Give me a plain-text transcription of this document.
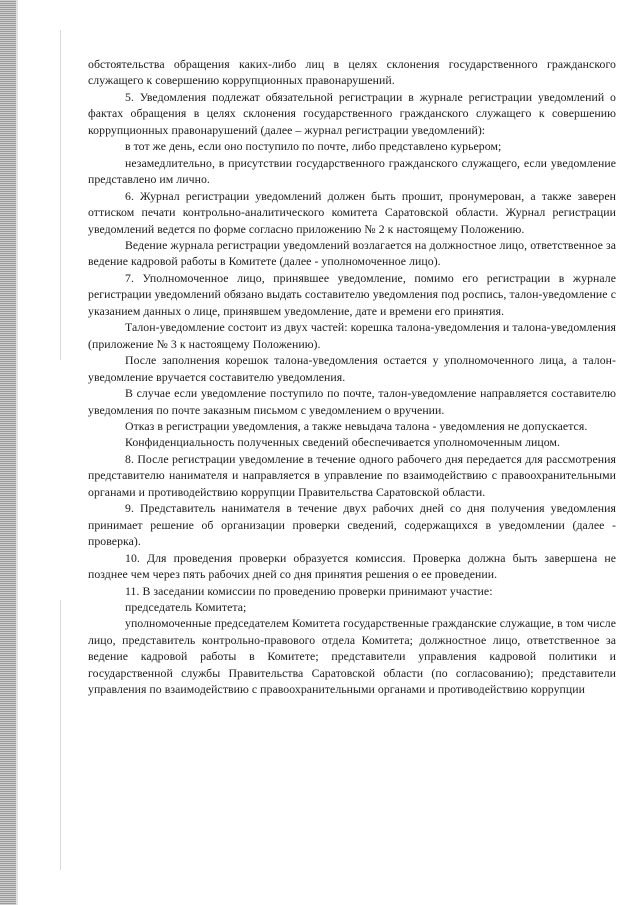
обстоятельства обращения каких-либо лиц в целях склонения государственного гражданского служащего к совершению коррупционных правонарушений.

5. Уведомления подлежат обязательной регистрации в журнале регистрации уведомлений о фактах обращения в целях склонения государственного гражданского служащего к совершению коррупционных правонарушений (далее – журнал регистрации уведомлений):

в тот же день, если оно поступило по почте, либо представлено курьером;

незамедлительно, в присутствии государственного гражданского служащего, если уведомление представлено им лично.

6. Журнал регистрации уведомлений должен быть прошит, пронумерован, а также заверен оттиском печати контрольно-аналитического комитета Саратовской области. Журнал регистрации уведомлений ведется по форме согласно приложению № 2 к настоящему Положению.

Ведение журнала регистрации уведомлений возлагается на должностное лицо, ответственное за ведение кадровой работы в Комитете (далее - уполномоченное лицо).

7. Уполномоченное лицо, принявшее уведомление, помимо его регистрации в журнале регистрации уведомлений обязано выдать составителю уведомления под роспись, талон-уведомление с указанием данных о лице, принявшем уведомление, дате и времени его принятия.

Талон-уведомление состоит из двух частей: корешка талона-уведомления и талона-уведомления (приложение № 3 к настоящему Положению).

После заполнения корешок талона-уведомления остается у уполномоченного лица, а талон-уведомление вручается составителю уведомления.

В случае если уведомление поступило по почте, талон-уведомление направляется составителю уведомления по почте заказным письмом с уведомлением о вручении.

Отказ в регистрации уведомления, а также невыдача талона - уведомления не допускается.

Конфиденциальность полученных сведений обеспечивается уполномоченным лицом.

8. После регистрации уведомление в течение одного рабочего дня передается для рассмотрения представителю нанимателя и направляется в управление по взаимодействию с правоохранительными органами и противодействию коррупции Правительства Саратовской области.

9. Представитель нанимателя в течение двух рабочих дней со дня получения уведомления принимает решение об организации проверки сведений, содержащихся в уведомлении (далее - проверка).

10. Для проведения проверки образуется комиссия. Проверка должна быть завершена не позднее чем через пять рабочих дней со дня принятия решения о ее проведении.

11. В заседании комиссии по проведению проверки принимают участие:

председатель Комитета;

уполномоченные председателем Комитета государственные гражданские служащие, в том числе лицо, представитель контрольно-правового отдела Комитета; должностное лицо, ответственное за ведение кадровой работы в Комитете; представители управления кадровой политики и государственной службы Правительства Саратовской области (по согласованию); представители управления по взаимодействию с правоохранительными органами и противодействию коррупции
